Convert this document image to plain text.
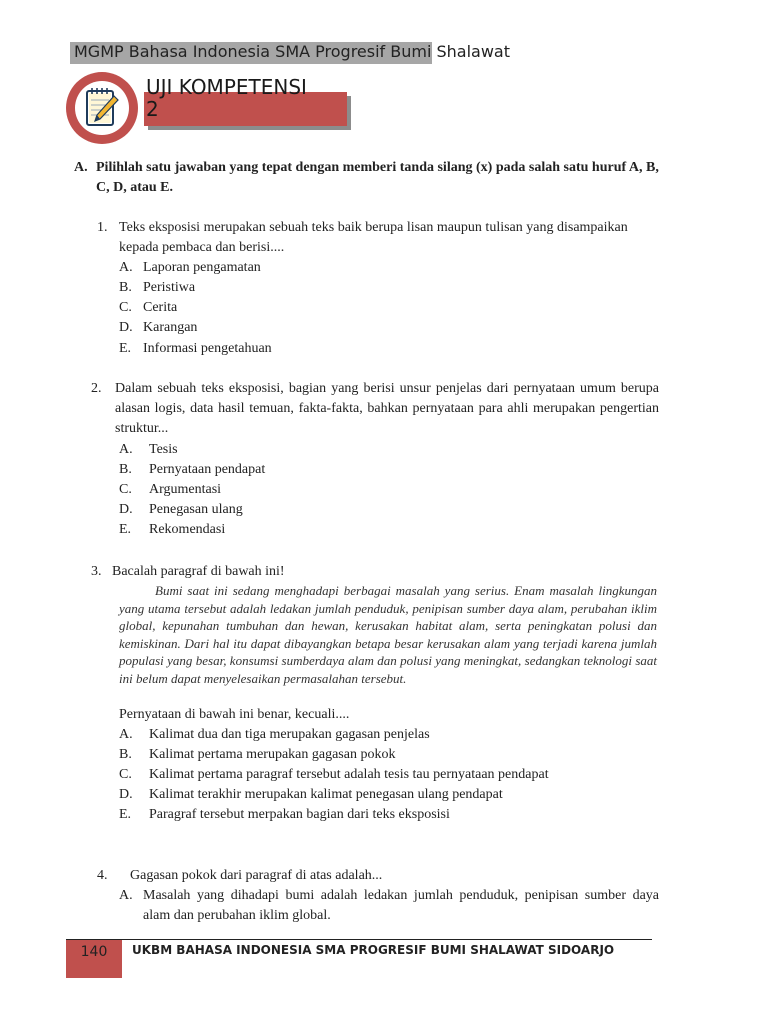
MGMP Bahasa Indonesia SMA Progresif Bumi Shalawat
UJI KOMPETENSI
2
A. Pilihlah satu jawaban yang tepat dengan memberi tanda silang (x) pada salah satu huruf A, B, C, D, atau E.
1. Teks eksposisi merupakan sebuah teks baik berupa lisan maupun tulisan yang disampaikan kepada pembaca dan berisi....
A. Laporan pengamatan
B. Peristiwa
C. Cerita
D. Karangan
E. Informasi pengetahuan
2. Dalam sebuah teks eksposisi, bagian yang berisi unsur penjelas dari pernyataan umum berupa alasan logis, data hasil temuan, fakta-fakta, bahkan pernyataan para ahli merupakan pengertian struktur...
A. Tesis
B. Pernyataan pendapat
C. Argumentasi
D. Penegasan ulang
E. Rekomendasi
3. Bacalah paragraf di bawah ini!
Bumi saat ini sedang menghadapi berbagai masalah yang serius. Enam masalah lingkungan yang utama tersebut adalah ledakan jumlah penduduk, penipisan sumber daya alam, perubahan iklim global, kepunahan tumbuhan dan hewan, kerusakan habitat alam, serta peningkatan polusi dan kemiskinan. Dari hal itu dapat dibayangkan betapa besar kerusakan alam yang terjadi karena jumlah populasi yang besar, konsumsi sumberdaya alam dan polusi yang meningkat, sedangkan teknologi saat ini belum dapat menyelesaikan permasalahan tersebut.
Pernyataan di bawah ini benar, kecuali....
A. Kalimat dua dan tiga merupakan gagasan penjelas
B. Kalimat pertama merupakan gagasan pokok
C. Kalimat pertama paragraf tersebut adalah tesis tau pernyataan pendapat
D. Kalimat terakhir merupakan kalimat penegasan ulang pendapat
E. Paragraf tersebut merpakan bagian dari teks eksposisi
4. Gagasan pokok dari paragraf di atas adalah...
A. Masalah yang dihadapi bumi adalah ledakan jumlah penduduk, penipisan sumber daya alam dan perubahan iklim global.
140	UKBM BAHASA INDONESIA SMA PROGRESIF BUMI SHALAWAT SIDOARJO
